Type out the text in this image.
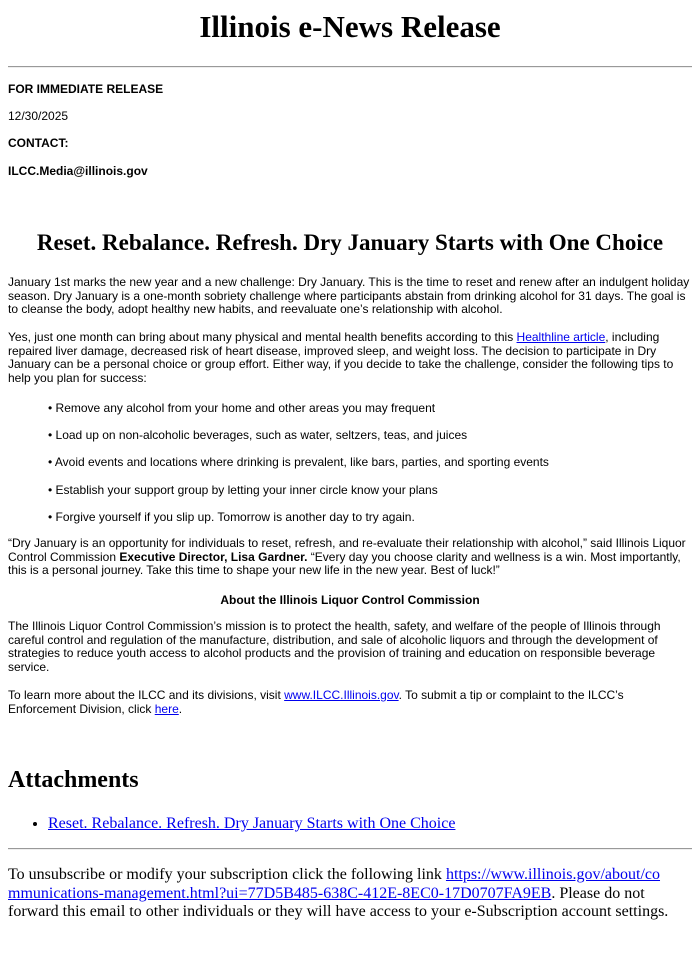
Illinois e-News Release

FOR IMMEDIATE RELEASE

12/30/2025

CONTACT:

ILCC.Media@illinois.gov

Reset. Rebalance. Refresh. Dry January Starts with One Choice

January 1st marks the new year and a new challenge: Dry January. This is the time to reset and renew after an indulgent holiday season. Dry January is a one-month sobriety challenge where participants abstain from drinking alcohol for 31 days. The goal is to cleanse the body, adopt healthy new habits, and reevaluate one’s relationship with alcohol.

Yes, just one month can bring about many physical and mental health benefits according to this Healthline article, including repaired liver damage, decreased risk of heart disease, improved sleep, and weight loss. The decision to participate in Dry January can be a personal choice or group effort. Either way, if you decide to take the challenge, consider the following tips to help you plan for success:

• Remove any alcohol from your home and other areas you may frequent
• Load up on non-alcoholic beverages, such as water, seltzers, teas, and juices
• Avoid events and locations where drinking is prevalent, like bars, parties, and sporting events
• Establish your support group by letting your inner circle know your plans
• Forgive yourself if you slip up. Tomorrow is another day to try again.

“Dry January is an opportunity for individuals to reset, refresh, and re-evaluate their relationship with alcohol,” said Illinois Liquor Control Commission Executive Director, Lisa Gardner. “Every day you choose clarity and wellness is a win. Most importantly, this is a personal journey. Take this time to shape your new life in the new year. Best of luck!”

About the Illinois Liquor Control Commission

The Illinois Liquor Control Commission’s mission is to protect the health, safety, and welfare of the people of Illinois through careful control and regulation of the manufacture, distribution, and sale of alcoholic liquors and through the development of strategies to reduce youth access to alcohol products and the provision of training and education on responsible beverage service.

To learn more about the ILCC and its divisions, visit www.ILCC.Illinois.gov. To submit a tip or complaint to the ILCC’s Enforcement Division, click here.

Attachments
• Reset. Rebalance. Refresh. Dry January Starts with One Choice
To unsubscribe or modify your subscription click the following link https://www.illinois.gov/about/communications-management.html?ui=77D5B485-638C-412E-8EC0-17D0707FA9EB. Please do not forward this email to other individuals or they will have access to your e-Subscription account settings.
